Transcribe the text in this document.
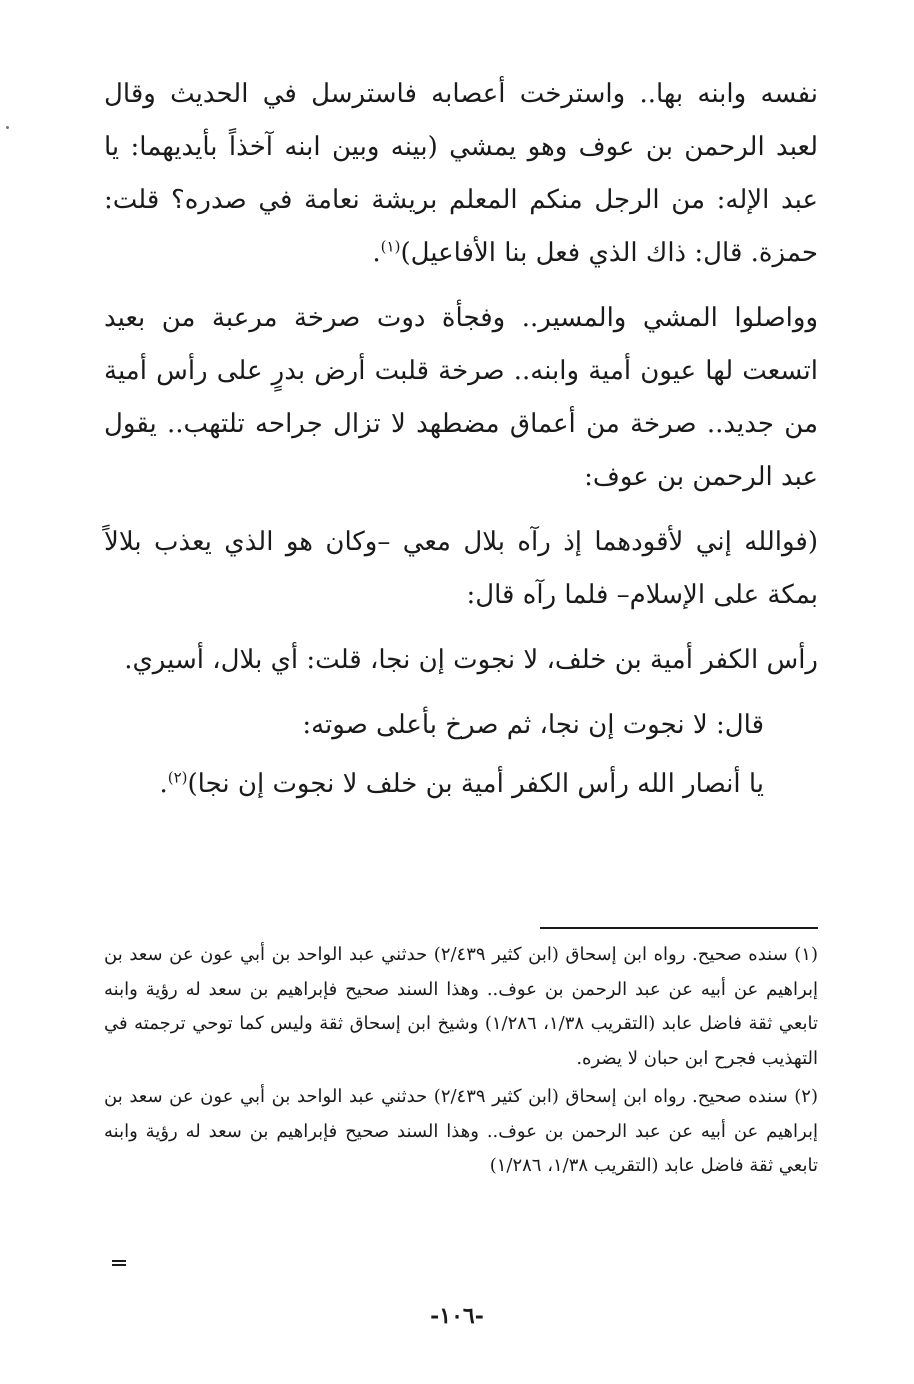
نفسه وابنه بها.. واسترخت أعصابه فاسترسل في الحديث وقال لعبد الرحمن بن عوف وهو يمشي (بينه وبين ابنه آخذاً بأيديهما: يا عبد الإله: من الرجل منكم المعلم بريشة نعامة في صدره؟ قلت: حمزة. قال: ذاك الذي فعل بنا الأفاعيل)$^{(١)}$.

وواصلوا المشي والمسير.. وفجأة دوت صرخة مرعبة من بعيد اتسعت لها عيون أمية وابنه.. صرخة قلبت أرض بدرٍ على رأس أمية من جديد.. صرخة من أعماق مضطهد لا تزال جراحه تلتهب.. يقول عبد الرحمن بن عوف:

(فوالله إني لأقودهما إذ رآه بلال معي –وكان هو الذي يعذب بلالاً بمكة على الإسلام– فلما رآه قال:

رأس الكفر أمية بن خلف، لا نجوت إن نجا، قلت: أي بلال، أسيري.

قال: لا نجوت إن نجا، ثم صرخ بأعلى صوته:

يا أنصار الله رأس الكفر أمية بن خلف لا نجوت إن نجا)$^{(٢)}$.

(١) سنده صحيح. رواه ابن إسحاق (ابن كثير ٢/٤٣٩) حدثني عبد الواحد بن أبي عون عن سعد بن إبراهيم عن أبيه عن عبد الرحمن بن عوف.. وهذا السند صحيح فإبراهيم بن سعد له رؤية وابنه تابعي ثقة فاضل عابد (التقريب ١/٣٨، ١/٢٨٦) وشيخ ابن إسحاق ثقة وليس كما توحي ترجمته في التهذيب فجرح ابن حبان لا يضره.

(٢) سنده صحيح. رواه ابن إسحاق (ابن كثير ٢/٤٣٩) حدثني عبد الواحد بن أبي عون عن سعد بن إبراهيم عن أبيه عن عبد الرحمن بن عوف.. وهذا السند صحيح فإبراهيم بن سعد له رؤية وابنه تابعي ثقة فاضل عابد (التقريب ١/٣٨، ١/٢٨٦)

-١٠٦-
